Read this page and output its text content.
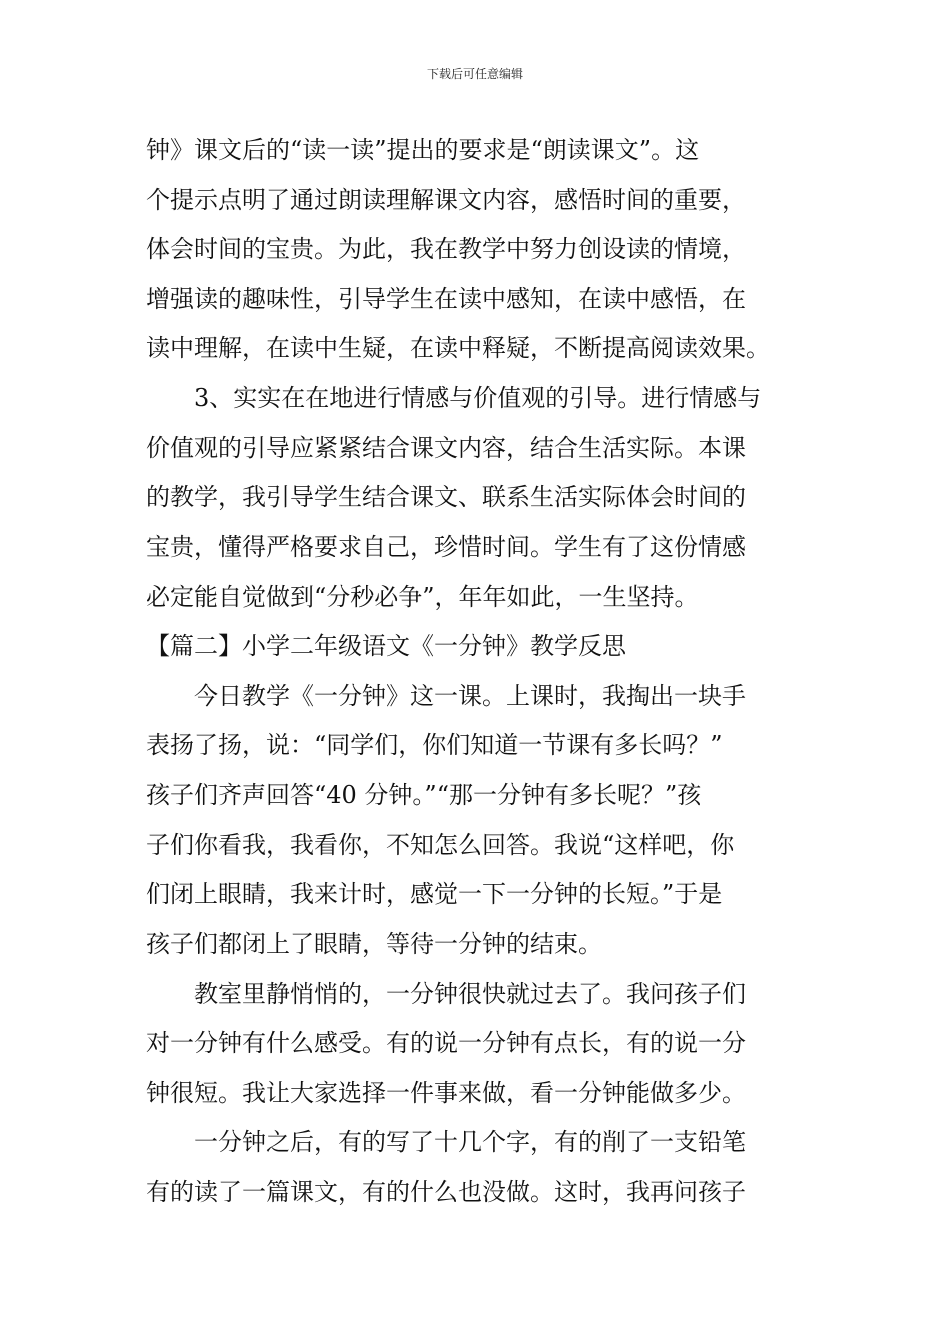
下载后可任意编辑
钟》课文后的“读一读”提出的要求是“朗读课文”。这
个提示点明了通过朗读理解课文内容，感悟时间的重要，
体会时间的宝贵。为此，我在教学中努力创设读的情境，
增强读的趣味性，引导学生在读中感知，在读中感悟，在
读中理解，在读中生疑，在读中释疑，不断提高阅读效果。
3、实实在在地进行情感与价值观的引导。进行情感与
价值观的引导应紧紧结合课文内容，结合生活实际。本课
的教学，我引导学生结合课文、联系生活实际体会时间的
宝贵，懂得严格要求自己，珍惜时间。学生有了这份情感
必定能自觉做到“分秒必争”，年年如此，一生坚持。
【篇二】小学二年级语文《一分钟》教学反思
今日教学《一分钟》这一课。上课时，我掏出一块手
表扬了扬，说：“同学们，你们知道一节课有多长吗？”
孩子们齐声回答“40 分钟。”“那一分钟有多长呢？”孩
子们你看我，我看你，不知怎么回答。我说“这样吧，你
们闭上眼睛，我来计时，感觉一下一分钟的长短。”于是
孩子们都闭上了眼睛，等待一分钟的结束。
教室里静悄悄的，一分钟很快就过去了。我问孩子们
对一分钟有什么感受。有的说一分钟有点长，有的说一分
钟很短。我让大家选择一件事来做，看一分钟能做多少。
一分钟之后，有的写了十几个字，有的削了一支铅笔
有的读了一篇课文，有的什么也没做。这时，我再问孩子
